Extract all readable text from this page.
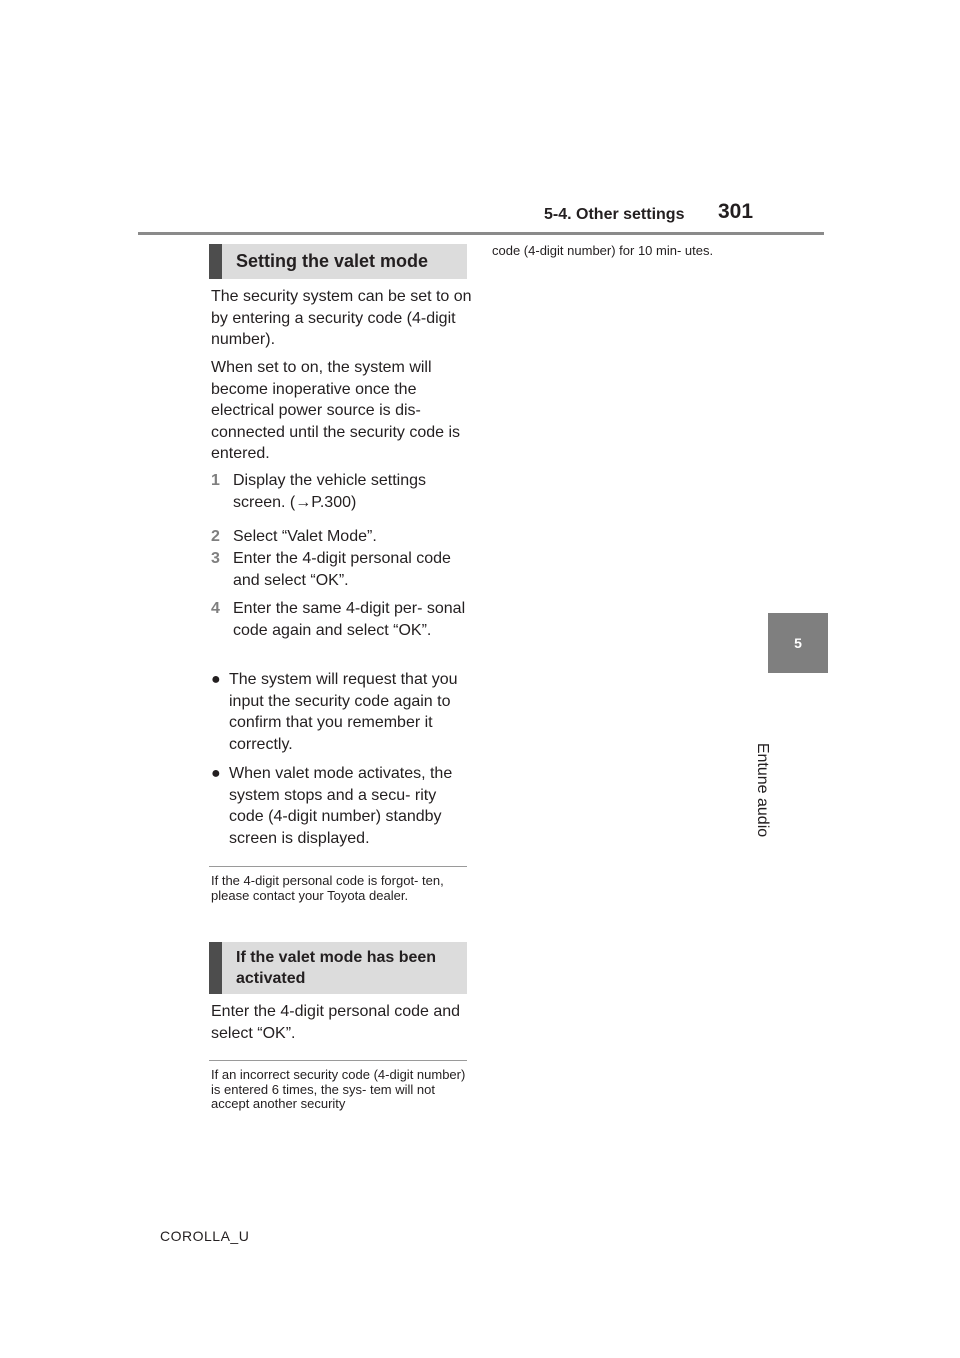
5-4. Other settings 301
5
Entune audio
Setting the valet mode

The security system can be set to on by entering a security code (4-digit number).

When set to on, the system will become inoperative once the electrical power source is dis- connected until the security code is entered.

1 Display the vehicle settings screen. (→P.300)
2 Select “Valet Mode”.
3 Enter the 4-digit personal code and select “OK”.
4 Enter the same 4-digit per- sonal code again and select “OK”.
● The system will request that you input the security code again to confirm that you remember it correctly.
● When valet mode activates, the system stops and a secu- rity code (4-digit number) standby screen is displayed.

If the 4-digit personal code is forgot- ten, please contact your Toyota dealer.

If the valet mode has been
activated

Enter the 4-digit personal code and select “OK”.

If an incorrect security code (4-digit number) is entered 6 times, the sys- tem will not accept another security

code (4-digit number) for 10 min- utes.

COROLLA_U
